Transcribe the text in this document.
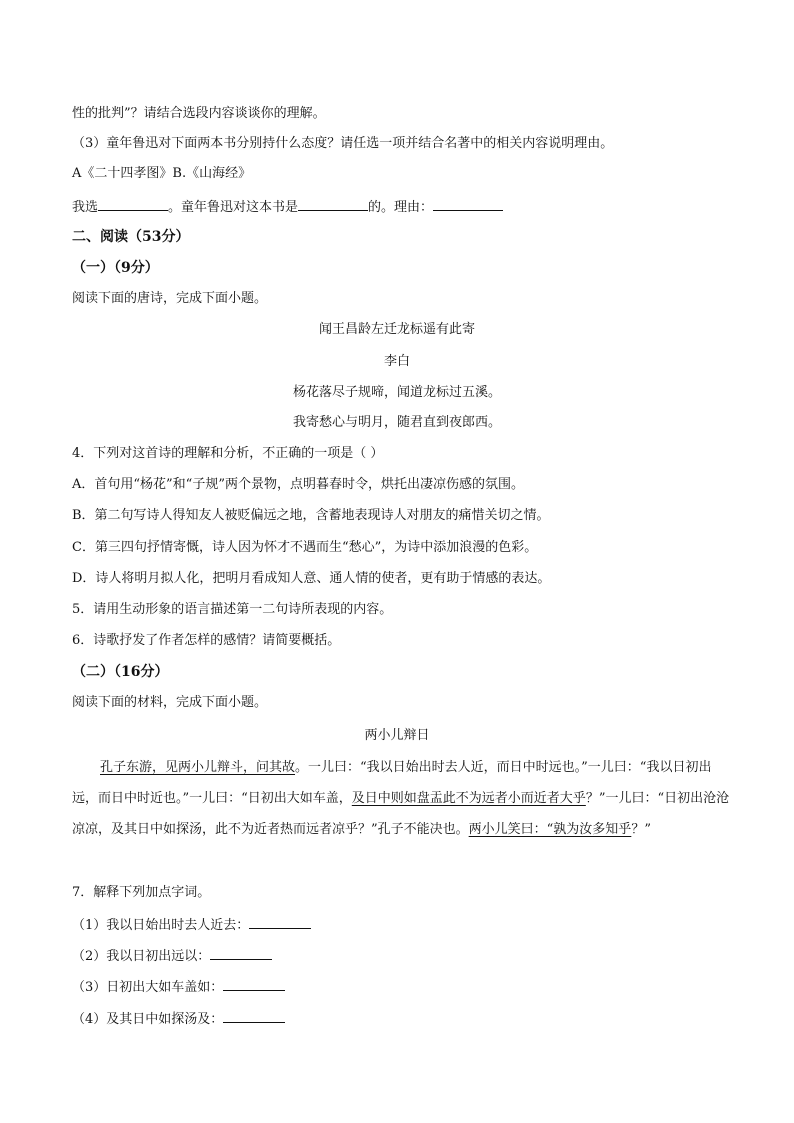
性的批判”？请结合选段内容谈谈你的理解。
（3）童年鲁迅对下面两本书分别持什么态度？请任选一项并结合名著中的相关内容说明理由。
A《二十四孝图》B.《山海经》
我选	。童年鲁迅对这本书是	的。理由：
二、阅读（53分）
（一）（9分）
阅读下面的唐诗，完成下面小题。
闻王昌龄左迁龙标遥有此寄
李白
杨花落尽子规啼，闻道龙标过五溪。
我寄愁心与明月，随君直到夜郎西。
4．下列对这首诗的理解和分析，不正确的一项是（ ）
A．首句用“杨花”和“子规”两个景物，点明暮春时令，烘托出凄凉伤感的氛围。
B．第二句写诗人得知友人被贬偏远之地，含蓄地表现诗人对朋友的痛惜关切之情。
C．第三四句抒情寄慨，诗人因为怀才不遇而生“愁心”，为诗中添加浪漫的色彩。
D．诗人将明月拟人化，把明月看成知人意、通人情的使者，更有助于情感的表达。
5．请用生动形象的语言描述第一二句诗所表现的内容。
6．诗歌抒发了作者怎样的感情？请简要概括。
（二）（16分）
阅读下面的材料，完成下面小题。
两小儿辩日
孔子东游，见两小儿辩斗，问其故。一儿曰：“我以日始出时去人近，而日中时远也。”一儿曰：“我以日初出远，而日中时近也。”一儿曰：“日初出大如车盖，及日中则如盘盂此不为远者小而近者大乎？”一儿曰：“日初出沧沧凉凉，及其日中如探汤，此不为近者热而远者凉乎？”孔子不能决也。两小儿笑曰：“孰为汝多知乎？”
7．解释下列加点字词。
（1）我以日始出时去人近去：
（2）我以日初出远以：
（3）日初出大如车盖如：
（4）及其日中如探汤及：
